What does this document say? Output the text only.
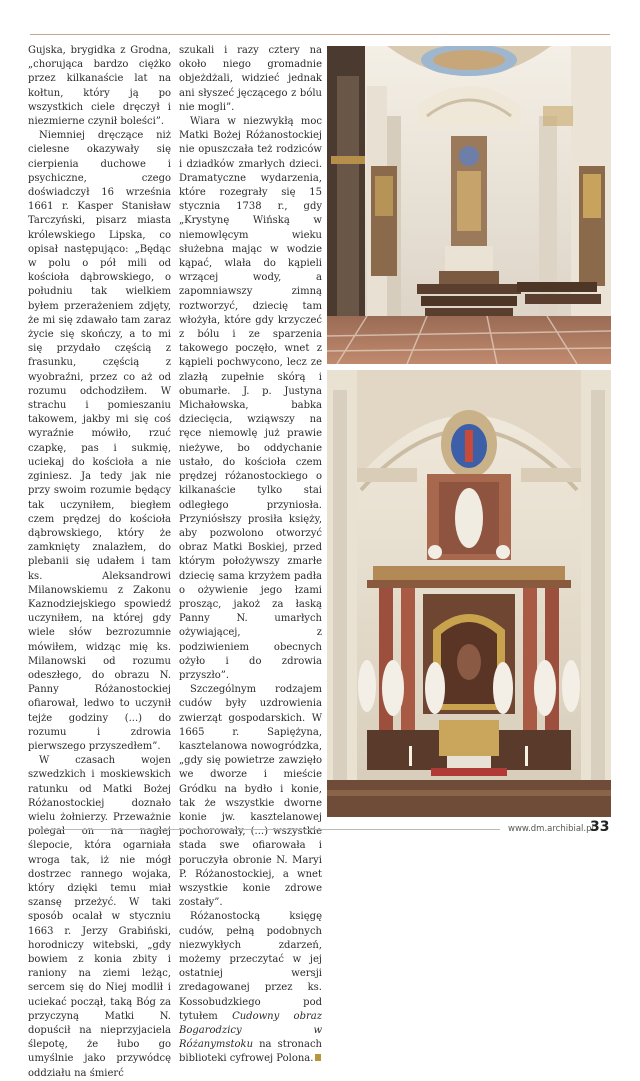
Gujska, brygidka z Grodna, „chorująca bardzo ciężko przez kilkanaście lat na kołtun, który ją po wszystkich ciele dręczył i niezmierne czynił boleści”.

Niemniej dręczące niż cielesne okazywały się cierpienia duchowe i psychiczne, czego doświadczył 16 września 1661 r. Kasper Stanisław Tarczyński, pisarz miasta królewskiego Lipska, co opisał następująco: „Będąc w polu o pół mili od kościoła dąbrowskiego, o południu tak wielkiem byłem przerażeniem zdjęty, że mi się zdawało tam zaraz życie się skończy, a to mi się przydało częścią z frasunku, częścią z wyobraźni, przez co aż od rozumu odchodziłem. W strachu i pomieszaniu takowem, jakby mi się coś wyraźnie mówiło, rzuć czapkę, pas i sukmię, uciekaj do kościoła a nie zginiesz. Ja tedy jak nie przy swoim rozumie będący tak uczyniłem, biegłem czem prędzej do kościoła dąbrowskiego, który że zamknięty znalazłem, do plebanii się udałem i tam ks. Aleksandrowi Milanowskiemu z Zakonu Kaznodziejskiego spowiedź uczyniłem, na której gdy wiele słów bezrozumnie mówiłem, widząc mię ks. Milanowski od rozumu odeszłego, do obrazu N. Panny Różanostockiej ofiarował, ledwo to uczynił tejże godziny (...) do rozumu i zdrowia pierwszego przyszedłem”.

W czasach wojen szwedzkich i moskiewskich ratunku od Matki Bożej Różanostockiej doznało wielu żołnierzy. Przeważnie polegał on na nagłej ślepocie, która ogarniała wroga tak, iż nie mógł dostrzec rannego wojaka, który dzięki temu miał szansę przeżyć. W taki sposób ocalał w styczniu 1663 r. Jerzy Grabiński, horodniczy witebski, „gdy bowiem z konia zbity i raniony na ziemi leżąc, sercem się do Niej modlił i uciekać począł, taką Bóg za przyczyną Matki N. dopuścił na nieprzyjaciela ślepotę, że łubo go umyślnie jako przywódcę oddziału na śmierć

szukali i razy cztery na około niego gromadnie objeżdżali, widzieć jednak ani słyszeć jęczącego z bólu nie mogli”.

Wiara w niezwykłą moc Matki Bożej Różanostockiej nie opuszczała też rodziców i dziadków zmarłych dzieci. Dramatyczne wydarzenia, które rozegrały się 15 stycznia 1738 r., gdy „Krystynę Wińską w niemowlęcym wieku służebna mając w wodzie kąpać, wlała do kąpieli wrzącej wody, a zapomniawszy zimną roztworzyć, dziecię tam włożyła, które gdy krzyczeć z bólu i ze sparzenia takowego poczęło, wnet z kąpieli pochwycono, lecz ze zlazłą zupełnie skórą i obumarłe. J. p. Justyna Michałowska, babka dziecięcia, wziąwszy na ręce niemowlę już prawie nieżywe, bo oddychanie ustało, do kościoła czem prędzej różanostockiego o kilkanaście tylko stai odległego przyniosła. Przyniósłszy prosiła księży, aby pozwolono otworzyć obraz Matki Boskiej, przed którym położywszy zmarłe dziecię sama krzyżem padła o ożywienie jego łzami prosząc, jakoż za łaską Panny N. umarłych ożywiającej, z podziwieniem obecnych ożyło i do zdrowia przyszło”.

Szczególnym rodzajem cudów były uzdrowienia zwierząt gospodarskich. W 1665 r. Sapiężyna, kasztelanowa nowogródzka, „gdy się powietrze zawzięło we dworze i mieście Gródku na bydło i konie, tak że wszystkie dworne konie jw. kasztelanowej pochorowały, (...) wszystkie stada swe ofiarowała i poruczyła obronie N. Maryi P. Różanostockiej, a wnet wszystkie konie zdrowe zostały”.

Różanostocką księgę cudów, pełną podobnych niezwykłych zdarzeń, możemy przeczytać w jej ostatniej wersji zredagowanej przez ks. Kossobudzkiego pod tytułem Cudowny obraz Bogarodzicy w Różanymstoku na stronach biblioteki cyfrowej Polona.

www.dm.archibial.pl
33
